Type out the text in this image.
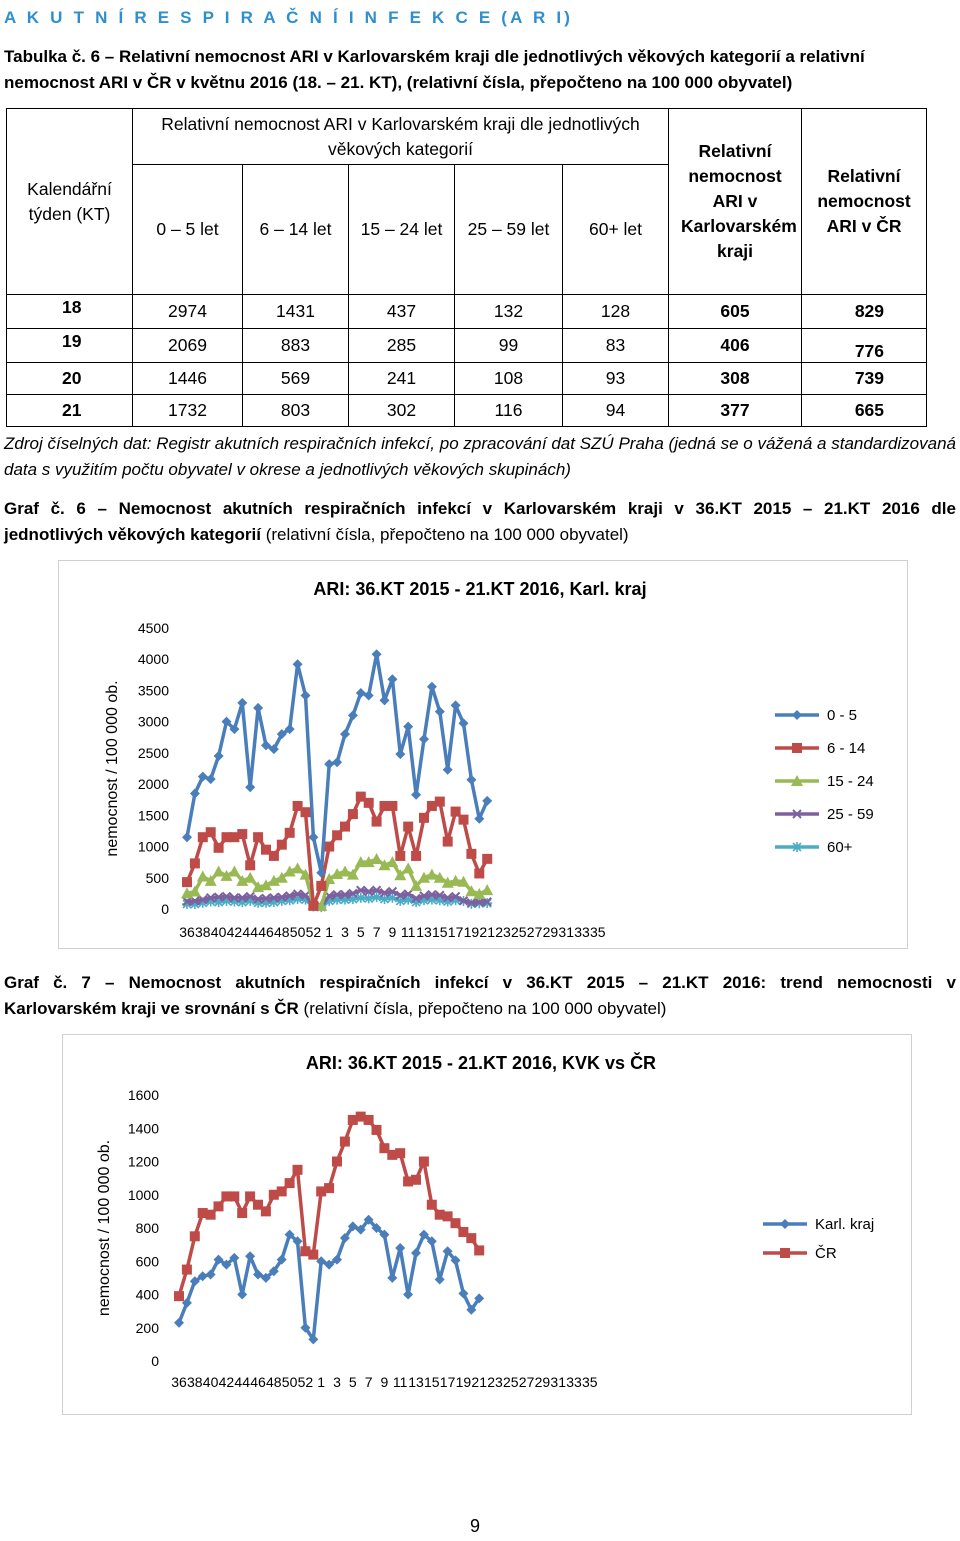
A K U T N Í R E S P I R A Č N Í I N F E K C E (A R I)
Tabulka č. 6 – Relativní nemocnost ARI v Karlovarském kraji dle jednotlivých věkových kategorií a relativní
nemocnost ARI v ČR v květnu 2016 (18. – 21. KT), (relativní čísla, přepočteno na 100 000 obyvatel)
Kalendářní týden (KT)	Relativní nemocnost ARI v Karlovarském kraji dle jednotlivých věkových kategorií					Relativní nemocnost ARI v Karlovarském kraji	Relativní nemocnost ARI v ČR
	0 – 5 let	6 – 14 let	15 – 24 let	25 – 59 let	60+ let		
18	2974	1431	437	132	128	605	829
19	2069	883	285	99	83	406	776
20	1446	569	241	108	93	308	739
21	1732	803	302	116	94	377	665
Zdroj číselných dat: Registr akutních respiračních infekcí, po zpracování dat SZÚ Praha (jedná se o vážená a standardizovaná data s využitím počtu obyvatel v okrese a jednotlivých věkových skupinách)
Graf č. 6 – Nemocnost akutních respiračních infekcí v Karlovarském kraji v 36.KT 2015 – 21.KT 2016 dle
jednotlivých věkových kategorií (relativní čísla, přepočteno na 100 000 obyvatel)
ARI: 36.KT 2015 - 21.KT 2016, Karl. kraj
nemocnost / 100 000 ob.
0
500
1000
1500
2000
2500
3000
3500
4000
4500
36 38 40 42 44 46 48 50 52 1 3 5 7 9 11 13 15 17 19 21 23 25 27 29 31 33 35
0 - 5
6 - 14
15 - 24
25 - 59
60+
Graf č. 7 – Nemocnost akutních respiračních infekcí v 36.KT 2015 – 21.KT 2016: trend nemocnosti v
Karlovarském kraji ve srovnání s ČR (relativní čísla, přepočteno na 100 000 obyvatel)
ARI: 36.KT 2015 - 21.KT 2016, KVK vs ČR
nemocnost / 100 000 ob.
0
200
400
600
800
1000
1200
1400
1600
36 38 40 42 44 46 48 50 52 1 3 5 7 9 11 13 15 17 19 21 23 25 27 29 31 33 35
Karl. kraj
ČR
9
